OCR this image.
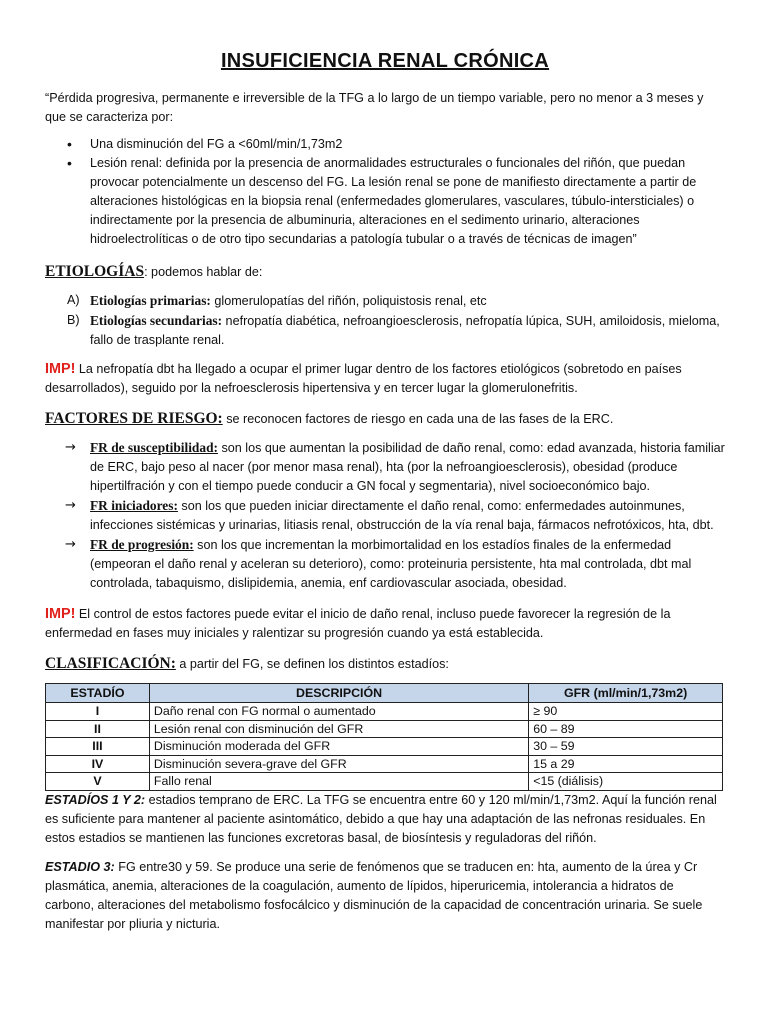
INSUFICIENCIA RENAL CRÓNICA

“Pérdida progresiva, permanente e irreversible de la TFG a lo largo de un tiempo variable, pero no menor a 3 meses y que se caracteriza por:

• Una disminución del FG a <60ml/min/1,73m2
• Lesión renal: definida por la presencia de anormalidades estructurales o funcionales del riñón, que puedan provocar potencialmente un descenso del FG. La lesión renal se pone de manifiesto directamente a partir de alteraciones histológicas en la biopsia renal (enfermedades glomerulares, vasculares, túbulo-intersticiales) o indirectamente por la presencia de albuminuria, alteraciones en el sedimento urinario, alteraciones hidroelectrolíticas o de otro tipo secundarias a patología tubular o a través de técnicas de imagen”

ETIOLOGÍAS: podemos hablar de:

A) Etiologías primarias: glomerulopatías del riñón, poliquistosis renal, etc
B) Etiologías secundarias: nefropatía diabética, nefroangioesclerosis, nefropatía lúpica, SUH, amiloidosis, mieloma, fallo de trasplante renal.

IMP! La nefropatía dbt ha llegado a ocupar el primer lugar dentro de los factores etiológicos (sobretodo en países desarrollados), seguido por la nefroesclerosis hipertensiva y en tercer lugar la glomerulonefritis.

FACTORES DE RIESGO: se reconocen factores de riesgo en cada una de las fases de la ERC.

→ FR de susceptibilidad: son los que aumentan la posibilidad de daño renal, como: edad avanzada, historia familiar de ERC, bajo peso al nacer (por menor masa renal), hta (por la nefroangioesclerosis), obesidad (produce hipertilfración y con el tiempo puede conducir a GN focal y segmentaria), nivel socioeconómico bajo.
→ FR iniciadores: son los que pueden iniciar directamente el daño renal, como: enfermedades autoinmunes, infecciones sistémicas y urinarias, litiasis renal, obstrucción de la vía renal baja, fármacos nefrotóxicos, hta, dbt.
→ FR de progresión: son los que incrementan la morbimortalidad en los estadíos finales de la enfermedad (empeoran el daño renal y aceleran su deterioro), como: proteinuria persistente, hta mal controlada, dbt mal controlada, tabaquismo, dislipidemia, anemia, enf cardiovascular asociada, obesidad.

IMP! El control de estos factores puede evitar el inicio de daño renal, incluso puede favorecer la regresión de la enfermedad en fases muy iniciales y ralentizar su progresión cuando ya está establecida.

CLASIFICACIÓN: a partir del FG, se definen los distintos estadíos:

ESTADÍO	DESCRIPCIÓN	GFR (ml/min/1,73m2)
I	Daño renal con FG normal o aumentado	≥ 90
II	Lesión renal con disminución del GFR	60 – 89
III	Disminución moderada del GFR	30 – 59
IV	Disminución severa-grave del GFR	15 a 29
V	Fallo renal	<15 (diálisis)

ESTADÍOS 1 Y 2: estadios temprano de ERC. La TFG se encuentra entre 60 y 120 ml/min/1,73m2. Aquí la función renal es suficiente para mantener al paciente asintomático, debido a que hay una adaptación de las nefronas residuales. En estos estadios se mantienen las funciones excretoras basal, de biosíntesis y reguladoras del riñón.

ESTADIO 3: FG entre30 y 59. Se produce una serie de fenómenos que se traducen en: hta, aumento de la úrea y Cr plasmática, anemia, alteraciones de la coagulación, aumento de lípidos, hiperuricemia, intolerancia a hidratos de carbono, alteraciones del metabolismo fosfocálcico y disminución de la capacidad de concentración urinaria. Se suele manifestar por pliuria y nicturia.
